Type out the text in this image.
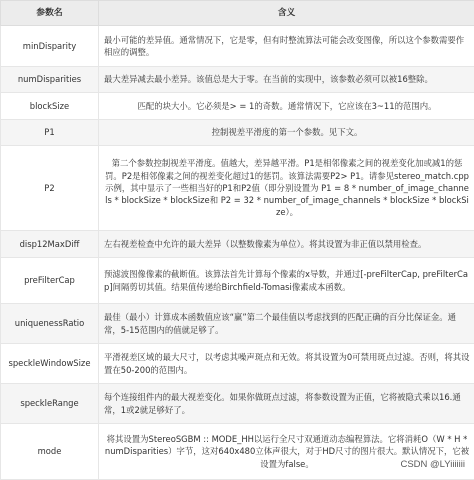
参数名	含义
minDisparity	最小可能的差异值。通常情况下，它是零，但有时整流算法可能会改变图像，所以这个参数需要作相应的调整。
numDisparities	最大差异减去最小差异。该值总是大于零。在当前的实现中，该参数必须可以被16整除。
blockSize	匹配的块大小。它必须是> = 1的奇数。通常情况下，它应该在3~11的范围内。
P1	控制视差平滑度的第一个参数。见下文。
P2	第二个参数控制视差平滑度。值越大，差异越平滑。P1是相邻像素之间的视差变化加或减1的惩罚。P2是相邻像素之间的视差变化超过1的惩罚。该算法需要P2> P1。请参见stereo_match.cpp示例，其中显示了一些相当好的P1和P2值（即分别设置为 P1 = 8 * number_of_image_channels * blockSize * blockSize和 P2 = 32 * number_of_image_channels * blockSize * blockSize）。
disp12MaxDiff	左右视差检查中允许的最大差异（以整数像素为单位）。将其设置为非正值以禁用检查。
preFilterCap	预滤波图像像素的截断值。该算法首先计算每个像素的x导数，并通过[-preFilterCap, preFilterCap]间隔剪切其值。结果值传递给Birchfield-Tomasi像素成本函数。
uniquenessRatio	最佳（最小）计算成本函数值应该“赢”第二个最佳值以考虑找到的匹配正确的百分比保证金。通常，5-15范围内的值就足够了。
speckleWindowSize	平滑视差区域的最大尺寸，以考虑其噪声斑点和无效。将其设置为0可禁用斑点过滤。否则，将其设置在50-200的范围内。
speckleRange	每个连接组件内的最大视差变化。如果你做斑点过滤，将参数设置为正值，它将被隐式乘以16.通常，1或2就足够好了。
mode	将其设置为StereoSGBM :: MODE_HH以运行全尺寸双通道动态编程算法。它将消耗O（W * H * numDisparities）字节，这对640x480立体声很大，对于HD尺寸的图片很大。默认情况下，它被设置为false。	CSDN @LYiiiiiii
